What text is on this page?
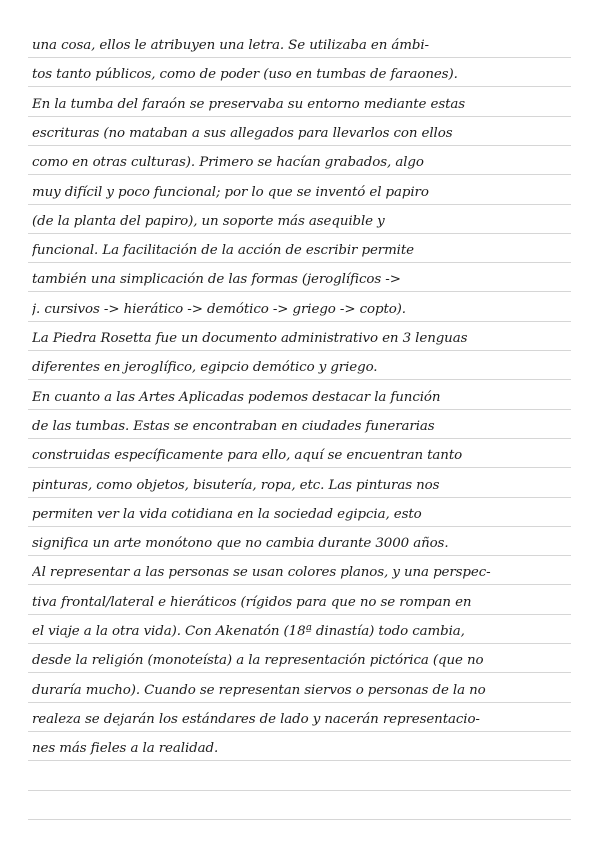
una cosa, ellos le atribuyen una letra. Se utilizaba en ámbi-
tos tanto públicos, como de poder (uso en tumbas de faraones).
En la tumba del faraón se preservaba su entorno mediante estas
escrituras (no mataban a sus allegados para llevarlos con ellos
como en otras culturas). Primero se hacían grabados, algo
muy difícil y poco funcional; por lo que se inventó el papiro
(de la planta del papiro), un soporte más asequible y
funcional. La facilitación de la acción de escribir permite
también una simplicación de las formas (jeroglíficos ->
j. cursivos -> hierático -> demótico -> griego -> copto).
La Piedra Rosetta fue un documento administrativo en 3 lenguas
diferentes en jeroglífico, egipcio demótico y griego.
En cuanto a las Artes Aplicadas podemos destacar la función
de las tumbas. Estas se encontraban en ciudades funerarias
construidas específicamente para ello, aquí se encuentran tanto
pinturas, como objetos, bisutería, ropa, etc. Las pinturas nos
permiten ver la vida cotidiana en la sociedad egipcia, esto
significa un arte monótono que no cambia durante 3000 años.
Al representar a las personas se usan colores planos, y una perspec-
tiva frontal/lateral e hieráticos (rígidos para que no se rompan en
el viaje a la otra vida). Con Akenatón (18ª dinastía) todo cambia,
desde la religión (monoteísta) a la representación pictórica (que no
duraría mucho). Cuando se representan siervos o personas de la no
realeza se dejarán los estándares de lado y nacerán representacio-
nes más fieles a la realidad.
